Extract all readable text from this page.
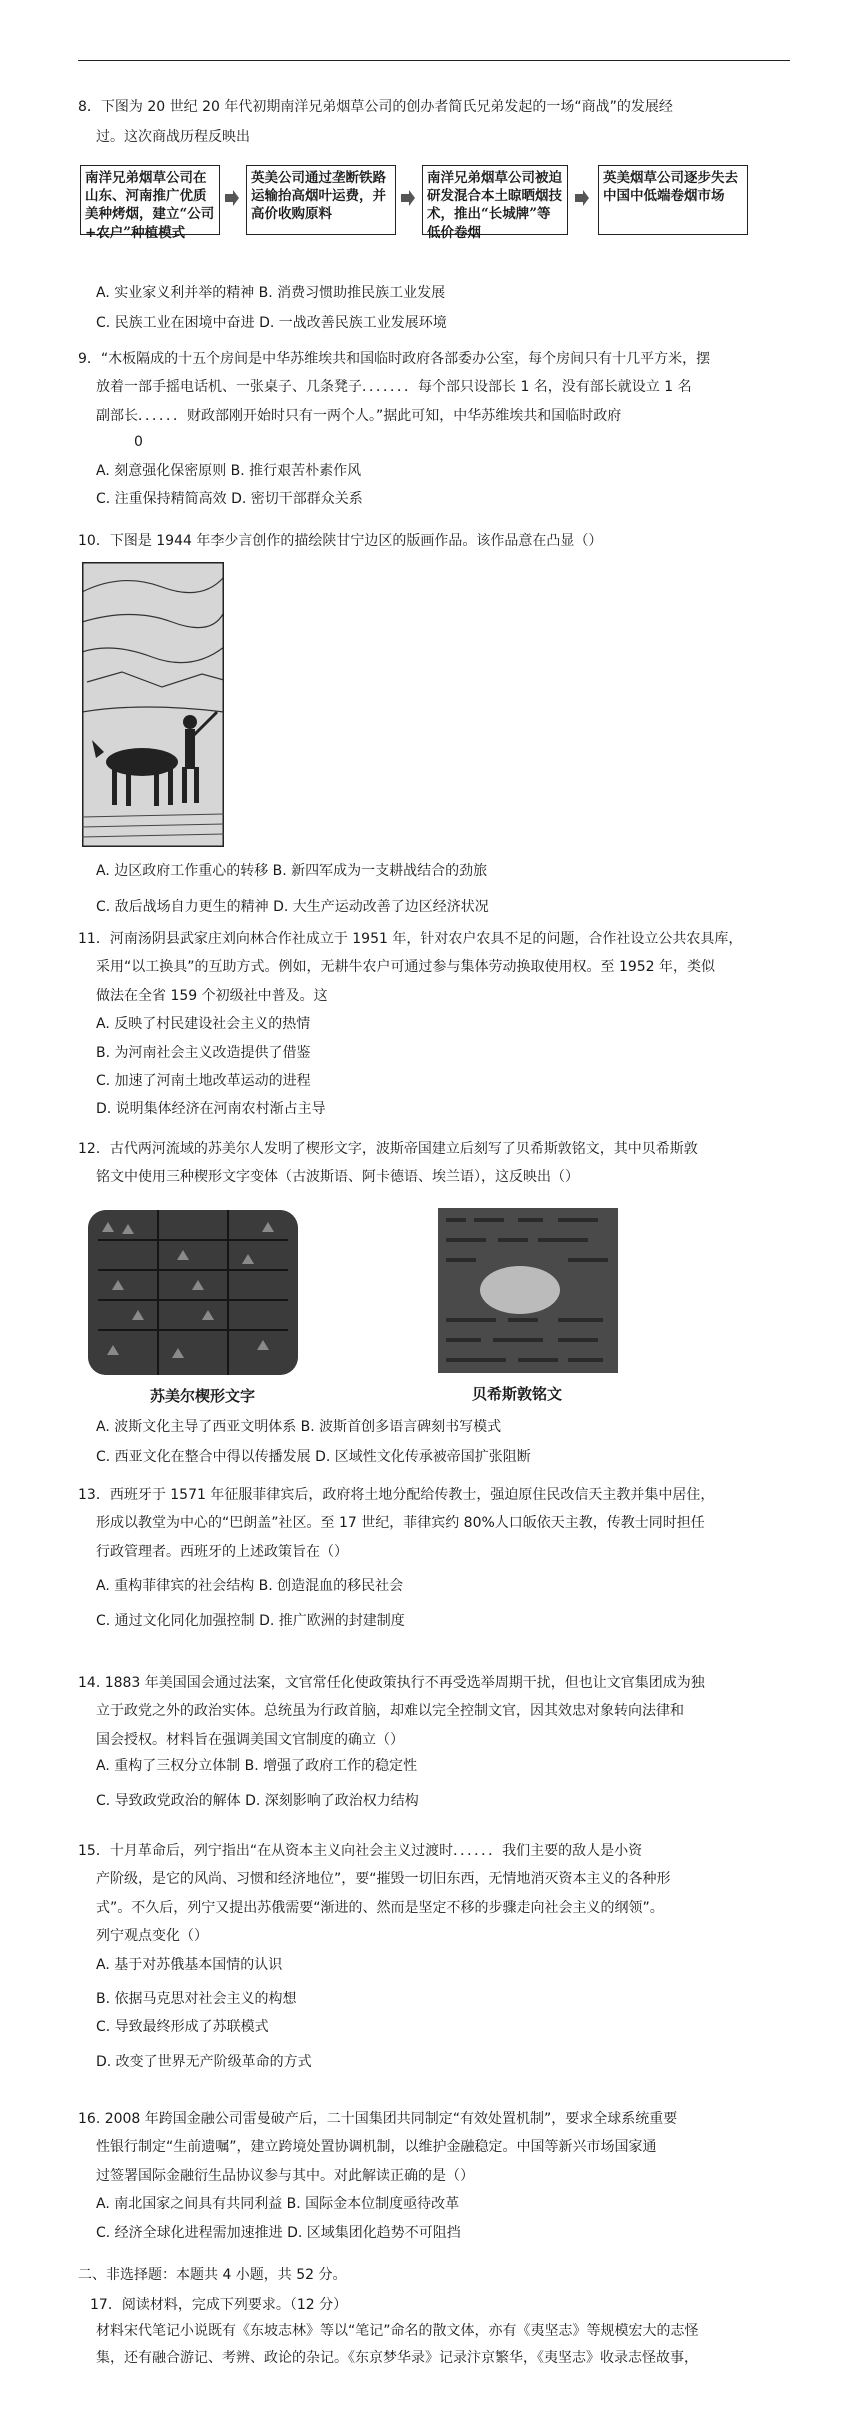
8．下图为 20 世纪 20 年代初期南洋兄弟烟草公司的创办者简氏兄弟发起的一场“商战”的发展经
过。这次商战历程反映出
南洋兄弟烟草公司在山东、河南推广优质美种烤烟，建立“公司+农户”种植模式
英美公司通过垄断铁路运输抬高烟叶运费，并高价收购原料
南洋兄弟烟草公司被迫研发混合本土晾晒烟技术，推出“长城牌”等低价卷烟
英美烟草公司逐步失去中国中低端卷烟市场
A. 实业家义利并举的精神 B. 消费习惯助推民族工业发展
C. 民族工业在困境中奋进 D. 一战改善民族工业发展环境
9．“木板隔成的十五个房间是中华苏维埃共和国临时政府各部委办公室，每个房间只有十几平方米，摆
放着一部手摇电话机、一张桌子、几条凳子．．．．．．．每个部只设部长 1 名，没有部长就设立 1 名
副部长．．．．．．财政部刚开始时只有一两个人。”据此可知，中华苏维埃共和国临时政府
0
A. 刻意强化保密原则 B. 推行艰苦朴素作风
C. 注重保持精简高效 D. 密切干部群众关系
10．下图是 1944 年李少言创作的描绘陕甘宁边区的版画作品。该作品意在凸显（）
A. 边区政府工作重心的转移 B. 新四军成为一支耕战结合的劲旅
C. 敌后战场自力更生的精神 D. 大生产运动改善了边区经济状况
11．河南汤阴县武家庄刘向林合作社成立于 1951 年，针对农户农具不足的问题，合作社设立公共农具库，
采用“以工换具”的互助方式。例如，无耕牛农户可通过参与集体劳动换取使用权。至 1952 年，类似
做法在全省 159 个初级社中普及。这
A. 反映了村民建设社会主义的热情
B. 为河南社会主义改造提供了借鉴
C. 加速了河南土地改革运动的进程
D. 说明集体经济在河南农村渐占主导
12．古代两河流域的苏美尔人发明了楔形文字，波斯帝国建立后刻写了贝希斯敦铭文，其中贝希斯敦
铭文中使用三种楔形文字变体（古波斯语、阿卡德语、埃兰语），这反映出（）
苏美尔楔形文字	贝希斯敦铭文
A. 波斯文化主导了西亚文明体系 B. 波斯首创多语言碑刻书写模式
C. 西亚文化在整合中得以传播发展 D. 区域性文化传承被帝国扩张阻断
13．西班牙于 1571 年征服菲律宾后，政府将土地分配给传教士，强迫原住民改信天主教并集中居住，
形成以教堂为中心的“巴朗盖”社区。至 17 世纪，菲律宾约 80%人口皈依天主教，传教士同时担任
行政管理者。西班牙的上述政策旨在（）
A. 重构菲律宾的社会结构 B. 创造混血的移民社会
C. 通过文化同化加强控制 D. 推广欧洲的封建制度
14. 1883 年美国国会通过法案，文官常任化使政策执行不再受选举周期干扰，但也让文官集团成为独
立于政党之外的政治实体。总统虽为行政首脑，却难以完全控制文官，因其效忠对象转向法律和
国会授权。材料旨在强调美国文官制度的确立（）
A. 重构了三权分立体制 B. 增强了政府工作的稳定性
C. 导致政党政治的解体 D. 深刻影响了政治权力结构
15．十月革命后，列宁指出“在从资本主义向社会主义过渡时．．．．．．我们主要的敌人是小资
产阶级，是它的风尚、习惯和经济地位”，要“摧毁一切旧东西，无情地消灭资本主义的各种形
式”。不久后，列宁又提出苏俄需要“渐进的、然而是坚定不移的步骤走向社会主义的纲领”。
列宁观点变化（）
A. 基于对苏俄基本国情的认识
B. 依据马克思对社会主义的构想
C. 导致最终形成了苏联模式
D. 改变了世界无产阶级革命的方式
16. 2008 年跨国金融公司雷曼破产后，二十国集团共同制定“有效处置机制”，要求全球系统重要
性银行制定“生前遗嘱”，建立跨境处置协调机制，以维护金融稳定。中国等新兴市场国家通
过签署国际金融衍生品协议参与其中。对此解读正确的是（）
A. 南北国家之间具有共同利益 B. 国际金本位制度亟待改革
C. 经济全球化进程需加速推进 D. 区域集团化趋势不可阻挡
二、非选择题：本题共 4 小题，共 52 分。
17．阅读材料，完成下列要求。（12 分）
材料宋代笔记小说既有《东坡志林》等以“笔记”命名的散文体，亦有《夷坚志》等规模宏大的志怪
集，还有融合游记、考辨、政论的杂记。《东京梦华录》记录汴京繁华，《夷坚志》收录志怪故事，
